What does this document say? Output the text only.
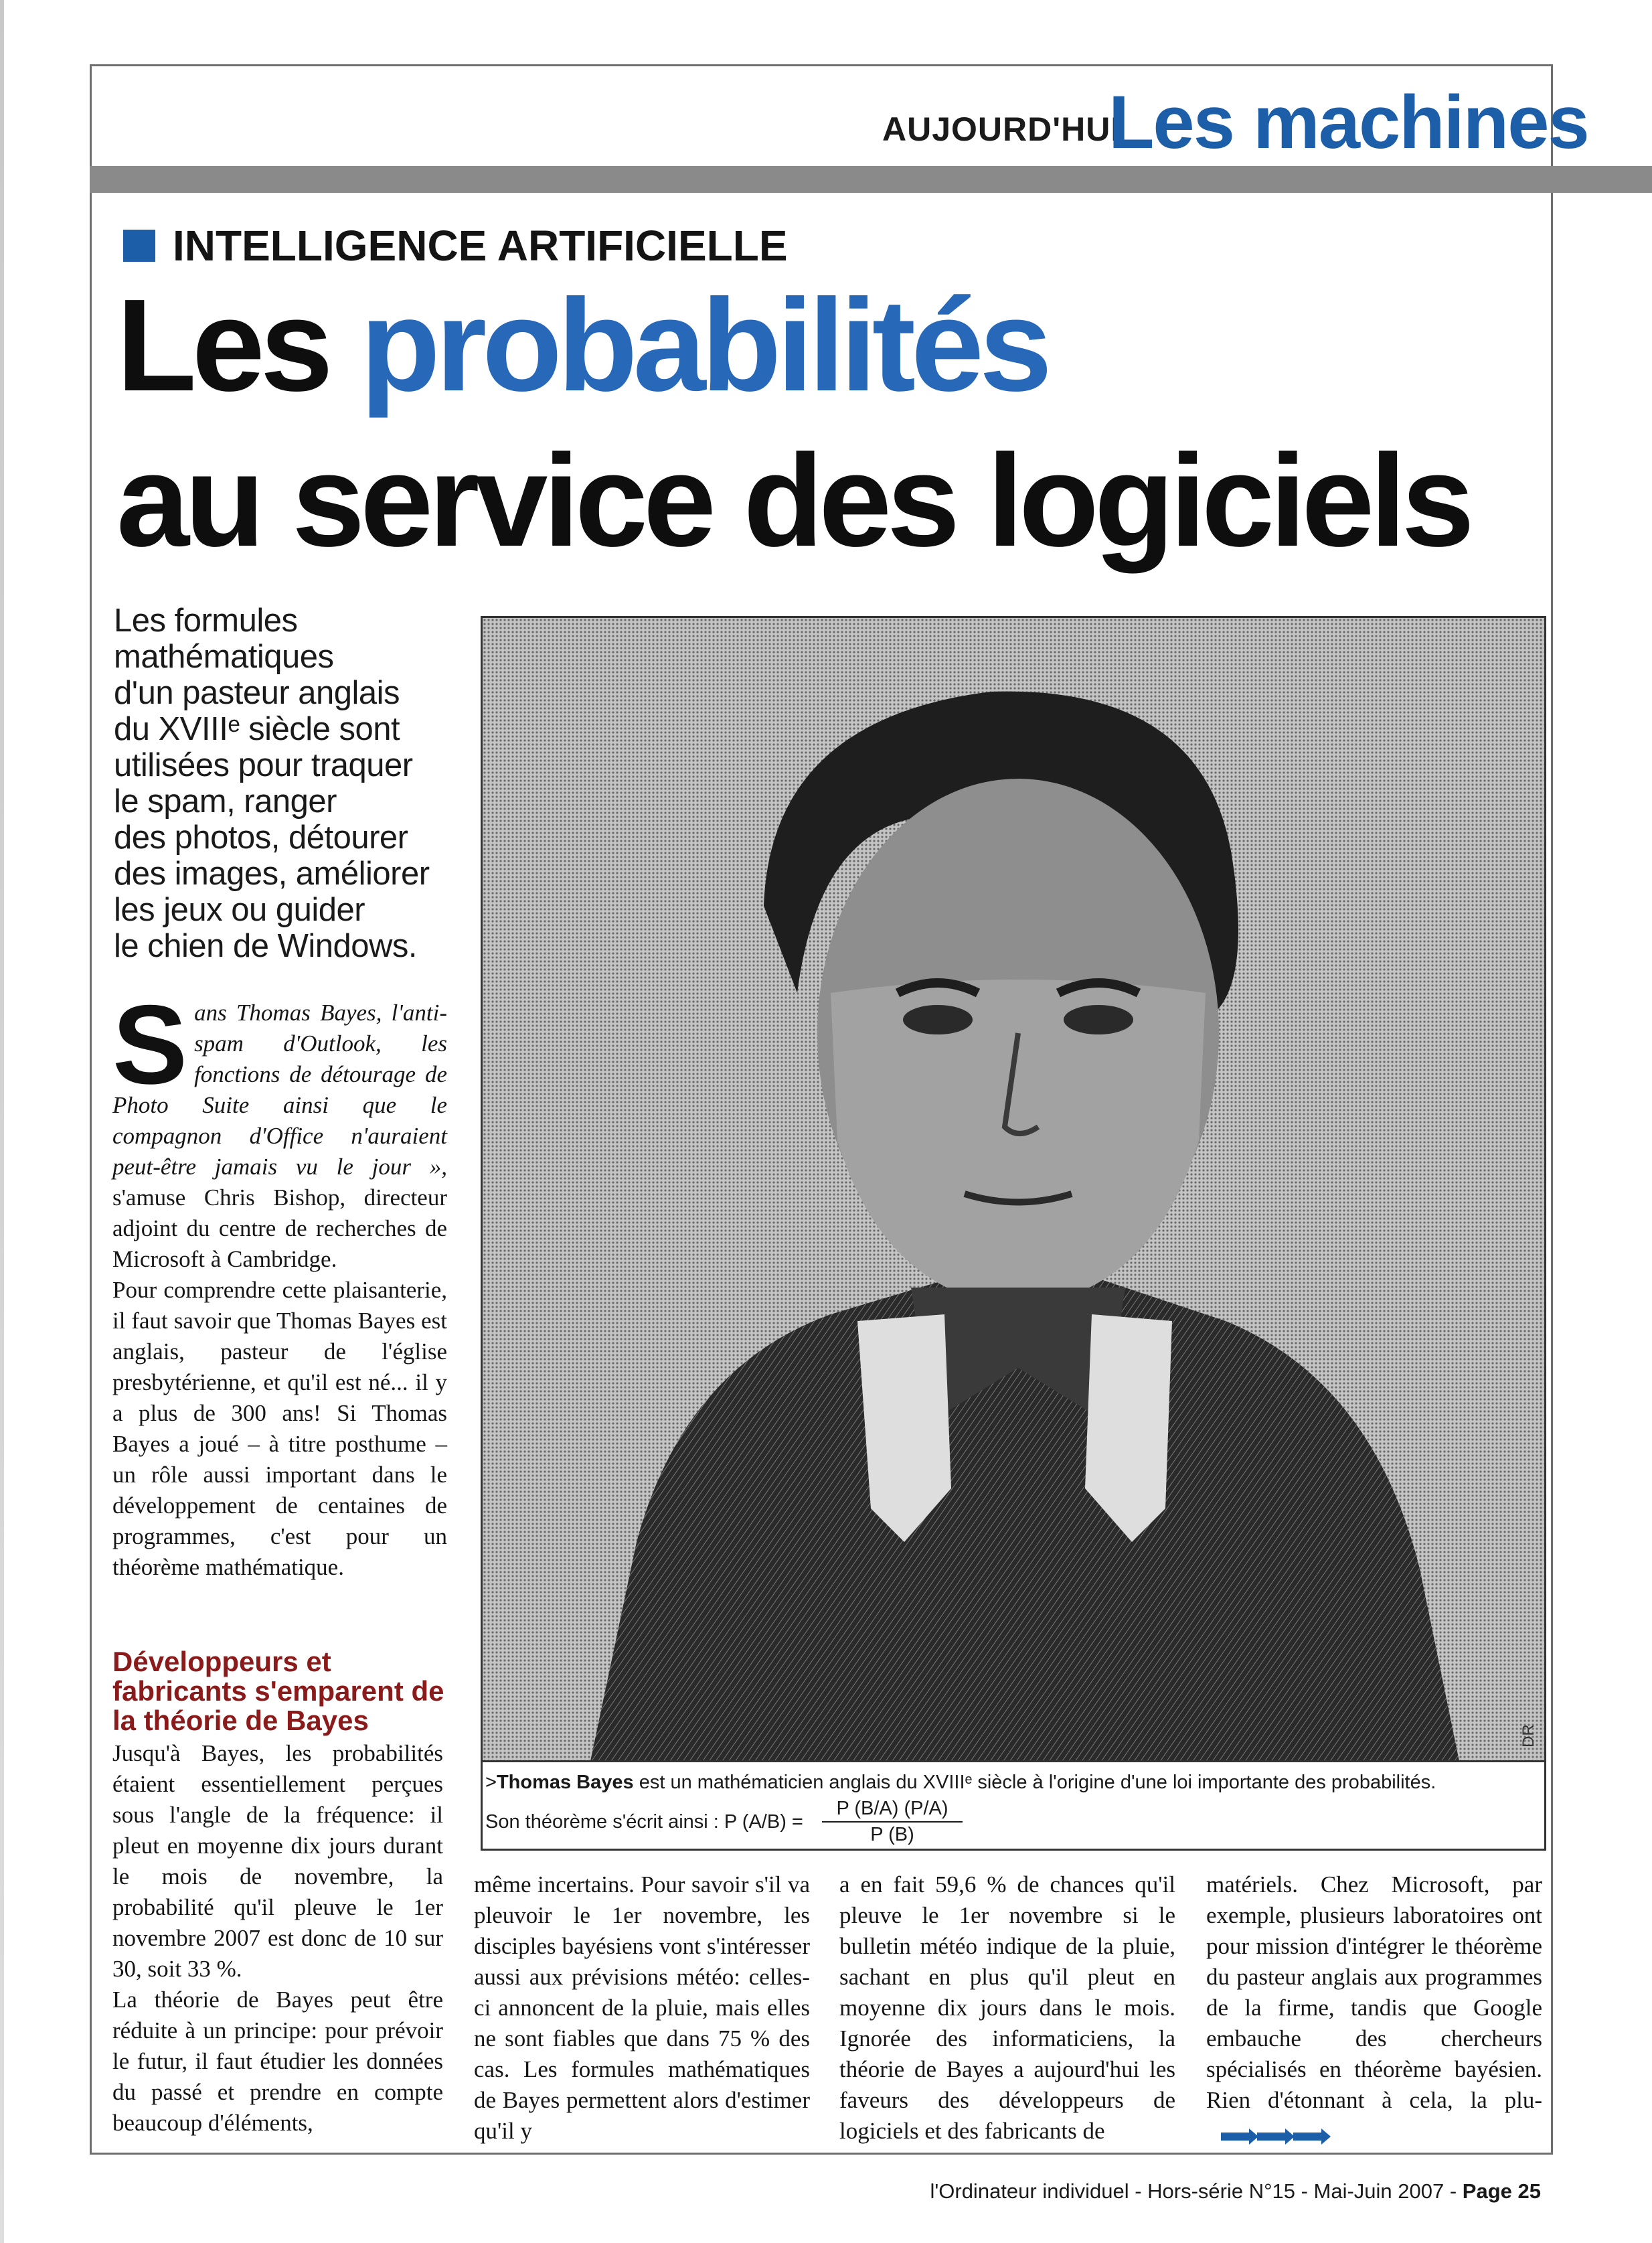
AUJOURD'HUI
Les machines
INTELLIGENCE ARTIFICIELLE
Les probabilités
au service des logiciels
Les formules
mathématiques
d'un pasteur anglais
du XVIIIᵉ siècle sont
utilisées pour traquer
le spam, ranger
des photos, détourer
des images, améliorer
les jeux ou guider
le chien de Windows.

Sans Thomas Bayes, l'anti-spam d'Outlook, les fonctions de détourage de Photo Suite ainsi que le compagnon d'Office n'auraient peut-être jamais vu le jour », s'amuse Chris Bishop, directeur adjoint du centre de recherches de Microsoft à Cambridge.

Pour comprendre cette plaisanterie, il faut savoir que Thomas Bayes est anglais, pasteur de l'église presbytérienne, et qu'il est né... il y a plus de 300 ans! Si Thomas Bayes a joué – à titre posthume – un rôle aussi important dans le développement de centaines de programmes, c'est pour un théorème mathématique.

Développeurs et fabricants s'emparent de la théorie de Bayes

Jusqu'à Bayes, les probabilités étaient essentiellement perçues sous l'angle de la fréquence: il pleut en moyenne dix jours durant le mois de novembre, la probabilité qu'il pleuve le 1er novembre 2007 est donc de 10 sur 30, soit 33 %.

La théorie de Bayes peut être réduite à un principe: pour prévoir le futur, il faut étudier les données du passé et prendre en compte beaucoup d'éléments,

DR
>Thomas Bayes est un mathématicien anglais du XVIIIᵉ siècle à l'origine d'une loi importante des probabilités.
Son théorème s'écrit ainsi : P $(A/B) = \frac{P (B/A) (P/A)}{P (B)}$

même incertains. Pour savoir s'il va pleuvoir le 1er novembre, les disciples bayésiens vont s'intéresser aussi aux prévisions météo: celles-ci annoncent de la pluie, mais elles ne sont fiables que dans 75 % des cas. Les formules mathématiques de Bayes permettent alors d'estimer qu'il y

a en fait 59,6 % de chances qu'il pleuve le 1er novembre si le bulletin météo indique de la pluie, sachant en plus qu'il pleut en moyenne dix jours dans le mois. Ignorée des informaticiens, la théorie de Bayes a aujourd'hui les faveurs des développeurs de logiciels et des fabricants de

matériels. Chez Microsoft, par exemple, plusieurs laboratoires ont pour mission d'intégrer le théorème du pasteur anglais aux programmes de la firme, tandis que Google embauche des chercheurs spécialisés en théorème bayésien. Rien d'étonnant à cela, la plu-

l'Ordinateur individuel - Hors-série N°15 - Mai-Juin 2007 - Page 25
